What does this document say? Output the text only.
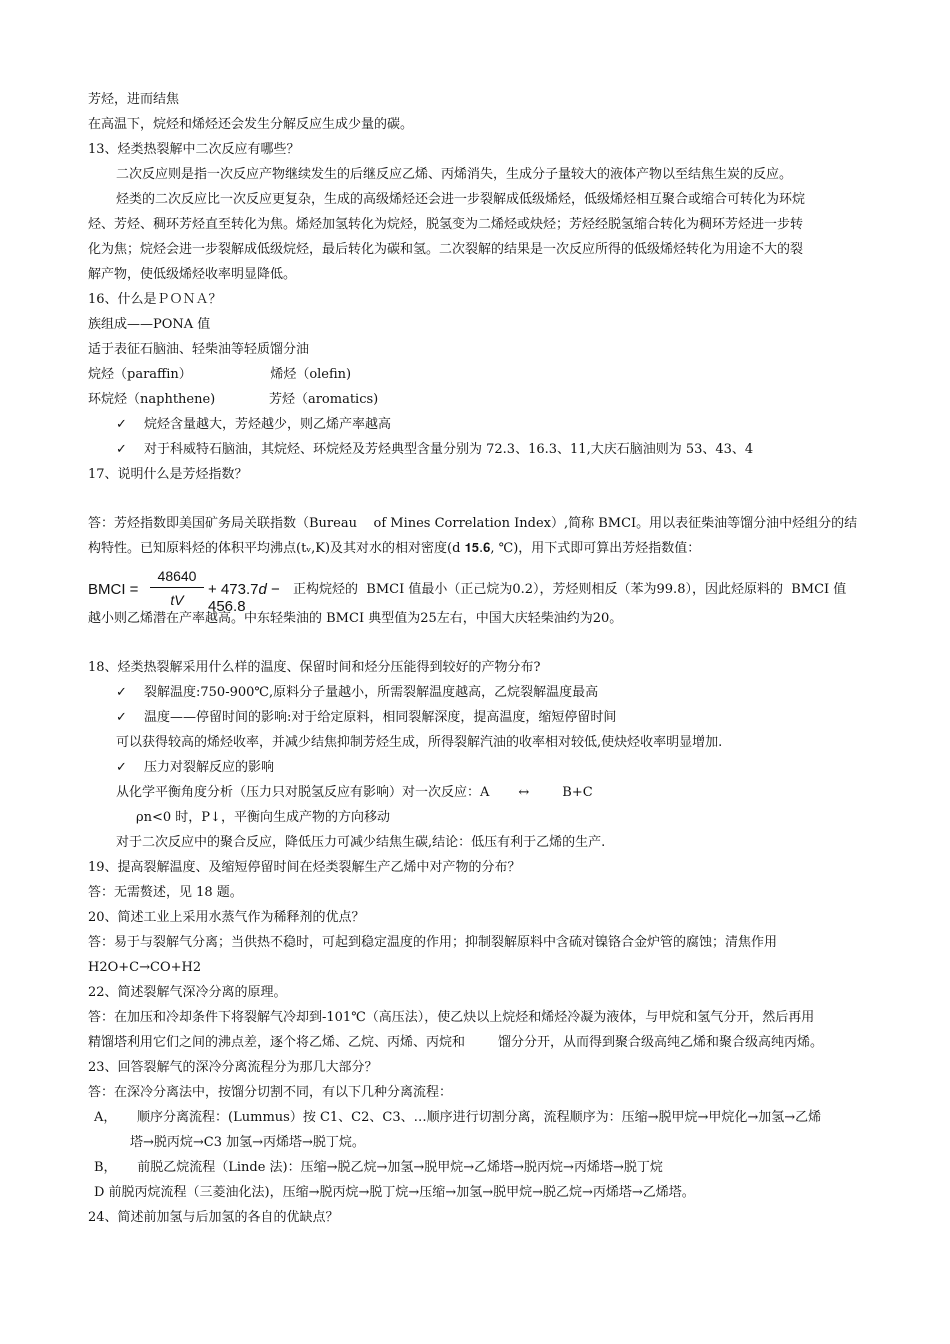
芳烃，进而结焦
在高温下，烷烃和烯烃还会发生分解反应生成少量的碳。
13、烃类热裂解中二次反应有哪些？
二次反应则是指一次反应产物继续发生的后继反应乙烯、丙烯消失，生成分子量较大的液体产物以至结焦生炭的反应。
烃类的二次反应比一次反应更复杂，生成的高级烯烃还会进一步裂解成低级烯烃，低级烯烃相互聚合或缩合可转化为环烷
烃、芳烃、稠环芳烃直至转化为焦。烯烃加氢转化为烷烃，脱氢变为二烯烃或炔烃；芳烃经脱氢缩合转化为稠环芳烃进一步转
化为焦；烷烃会进一步裂解成低级烷烃，最后转化为碳和氢。二次裂解的结果是一次反应所得的低级烯烃转化为用途不大的裂
解产物，使低级烯烃收率明显降低。
16、什么是ＰＯＮＡ？
族组成——PONA 值
适于表征石脑油、轻柴油等轻质馏分油
烷烃（paraffin）                   烯烃（olefin)
环烷烃（naphthene)             芳烃（aromatics)
✓ 烷烃含量越大，芳烃越少，则乙烯产率越高
✓ 对于科威特石脑油，其烷烃、环烷烃及芳烃典型含量分别为 72.3、16.3、11,大庆石脑油则为 53、43、4
17、说明什么是芳烃指数？
答：芳烃指数即美国矿务局关联指数（Bureau    of Mines Correlation Index）,简称 BMCI。用以表征柴油等馏分油中烃组分的结
构特性。已知原料烃的体积平均沸点(tᵥ,K)及其对水的相对密度(d 𝟏𝟓.𝟔, ℃)，用下式即可算出芳烃指数值：
BMCI =
48640
tV
+ 473.7d − 456.8
正构烷烃的  BMCI 值最小（正己烷为0.2），芳烃则相反（苯为99.8），因此烃原料的  BMCI 值
越小则乙烯潜在产率越高。中东轻柴油的 BMCI 典型值为25左右，中国大庆轻柴油约为20。
18、烃类热裂解采用什么样的温度、保留时间和烃分压能得到较好的产物分布?
✓ 裂解温度:750-900℃,原料分子量越小，所需裂解温度越高，乙烷裂解温度最高
✓ 温度——停留时间的影响:对于给定原料，相同裂解深度，提高温度，缩短停留时间
可以获得较高的烯烃收率，并减少结焦抑制芳烃生成，所得裂解汽油的收率相对较低,使炔烃收率明显增加.
✓ 压力对裂解反应的影响
从化学平衡角度分析（压力只对脱氢反应有影响）对一次反应：A       ↔        B+C
ρn<0 时，P↓，平衡向生成产物的方向移动
对于二次反应中的聚合反应，降低压力可减少结焦生碳,结论：低压有利于乙烯的生产.
19、提高裂解温度、及缩短停留时间在烃类裂解生产乙烯中对产物的分布？
答：无需赘述，见 18 题。
20、简述工业上采用水蒸气作为稀释剂的优点？
答：易于与裂解气分离；当供热不稳时，可起到稳定温度的作用；抑制裂解原料中含硫对镍铬合金炉管的腐蚀；清焦作用
H2O+C→CO+H2
22、简述裂解气深冷分离的原理。
答：在加压和冷却条件下将裂解气冷却到-101℃（高压法），使乙炔以上烷烃和烯烃冷凝为液体，与甲烷和氢气分开，然后再用
精馏塔利用它们之间的沸点差，逐个将乙烯、乙烷、丙烯、丙烷和        馏分分开，从而得到聚合级高纯乙烯和聚合级高纯丙烯。
23、回答裂解气的深冷分离流程分为那几大部分？
答：在深冷分离法中，按馏分切割不同，有以下几种分离流程：
A，     顺序分离流程：(Lummus）按 C1、C2、C3、…顺序进行切割分离，流程顺序为：压缩→脱甲烷→甲烷化→加氢→乙烯
塔→脱丙烷→C3 加氢→丙烯塔→脱丁烷。
B，     前脱乙烷流程（Linde 法)：压缩→脱乙烷→加氢→脱甲烷→乙烯塔→脱丙烷→丙烯塔→脱丁烷
D 前脱丙烷流程（三菱油化法)，压缩→脱丙烷→脱丁烷→压缩→加氢→脱甲烷→脱乙烷→丙烯塔→乙烯塔。
24、简述前加氢与后加氢的各自的优缺点？
